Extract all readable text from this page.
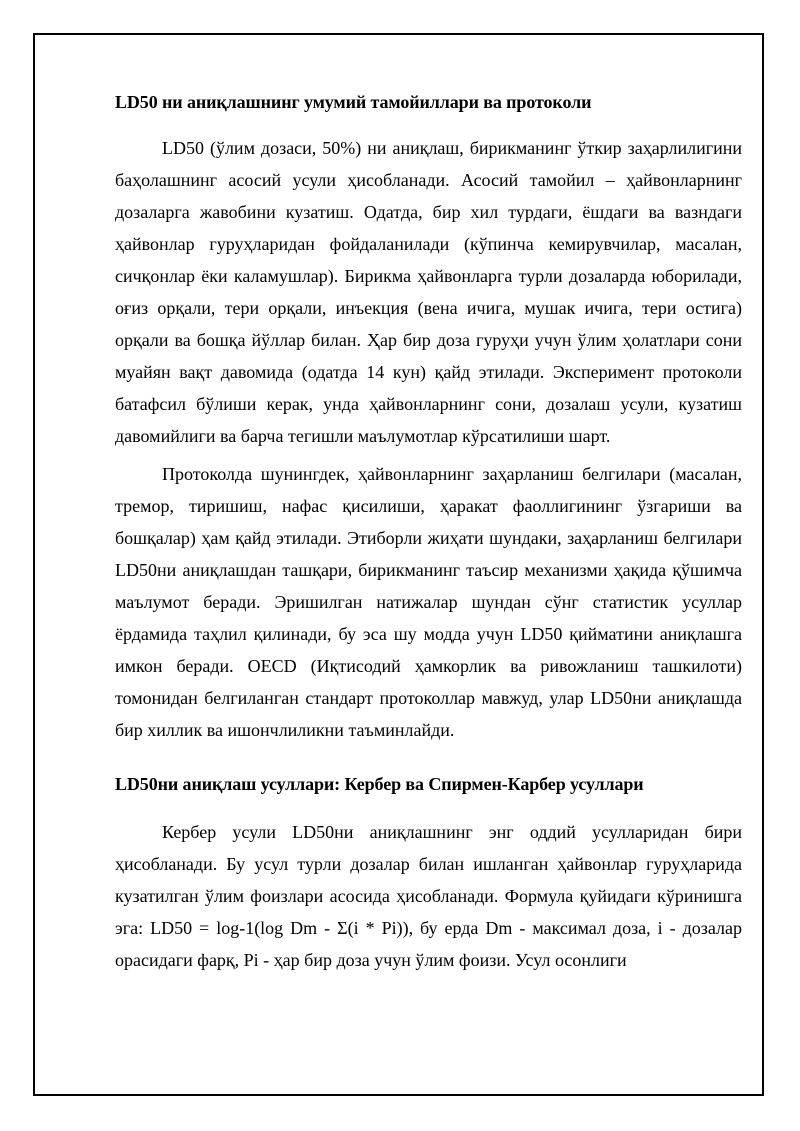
LD50 ни аниқлашнинг умумий тамойиллари ва протоколи

LD50 (ўлим дозаси, 50%) ни аниқлаш, бирикманинг ўткир заҳарлилигини баҳолашнинг асосий усули ҳисобланади. Асосий тамойил – ҳайвонларнинг дозаларга жавобини кузатиш. Одатда, бир хил турдаги, ёшдаги ва вазндаги ҳайвонлар гуруҳларидан фойдаланилади (кўпинча кемирувчилар, масалан, сичқонлар ёки каламушлар). Бирикма ҳайвонларга турли дозаларда юборилади, оғиз орқали, тери орқали, инъекция (вена ичига, мушак ичига, тери остига) орқали ва бошқа йўллар билан. Ҳар бир доза гуруҳи учун ўлим ҳолатлари сони муайян вақт давомида (одатда 14 кун) қайд этилади. Эксперимент протоколи батафсил бўлиши керак, унда ҳайвонларнинг сони, дозалаш усули, кузатиш давомийлиги ва барча тегишли маълумотлар кўрсатилиши шарт.

Протоколда шунингдек, ҳайвонларнинг заҳарланиш белгилари (масалан, тремор, тиришиш, нафас қисилиши, ҳаракат фаоллигининг ўзгариши ва бошқалар) ҳам қайд этилади. Этиборли жиҳати шундаки, заҳарланиш белгилари LD50ни аниқлашдан ташқари, бирикманинг таъсир механизми ҳақида қўшимча маълумот беради. Эришилган натижалар шундан сўнг статистик усуллар ёрдамида таҳлил қилинади, бу эса шу модда учун LD50 қийматини аниқлашга имкон беради. OECD (Иқтисодий ҳамкорлик ва ривожланиш ташкилоти) томонидан белгиланган стандарт протоколлар мавжуд, улар LD50ни аниқлашда бир хиллик ва ишончлиликни таъминлайди.

LD50ни аниқлаш усуллари: Кербер ва Спирмен-Карбер усуллари

Кербер усули LD50ни аниқлашнинг энг оддий усулларидан бири ҳисобланади. Бу усул турли дозалар билан ишланган ҳайвонлар гуруҳларида кузатилган ўлим фоизлари асосида ҳисобланади. Формула қуйидаги кўринишга эга: LD50 = log-1(log Dm - Σ(i * Pi)), бу ерда Dm - максимал доза, i - дозалар орасидаги фарқ, Pi - ҳар бир доза учун ўлим фоизи. Усул осонлиги
